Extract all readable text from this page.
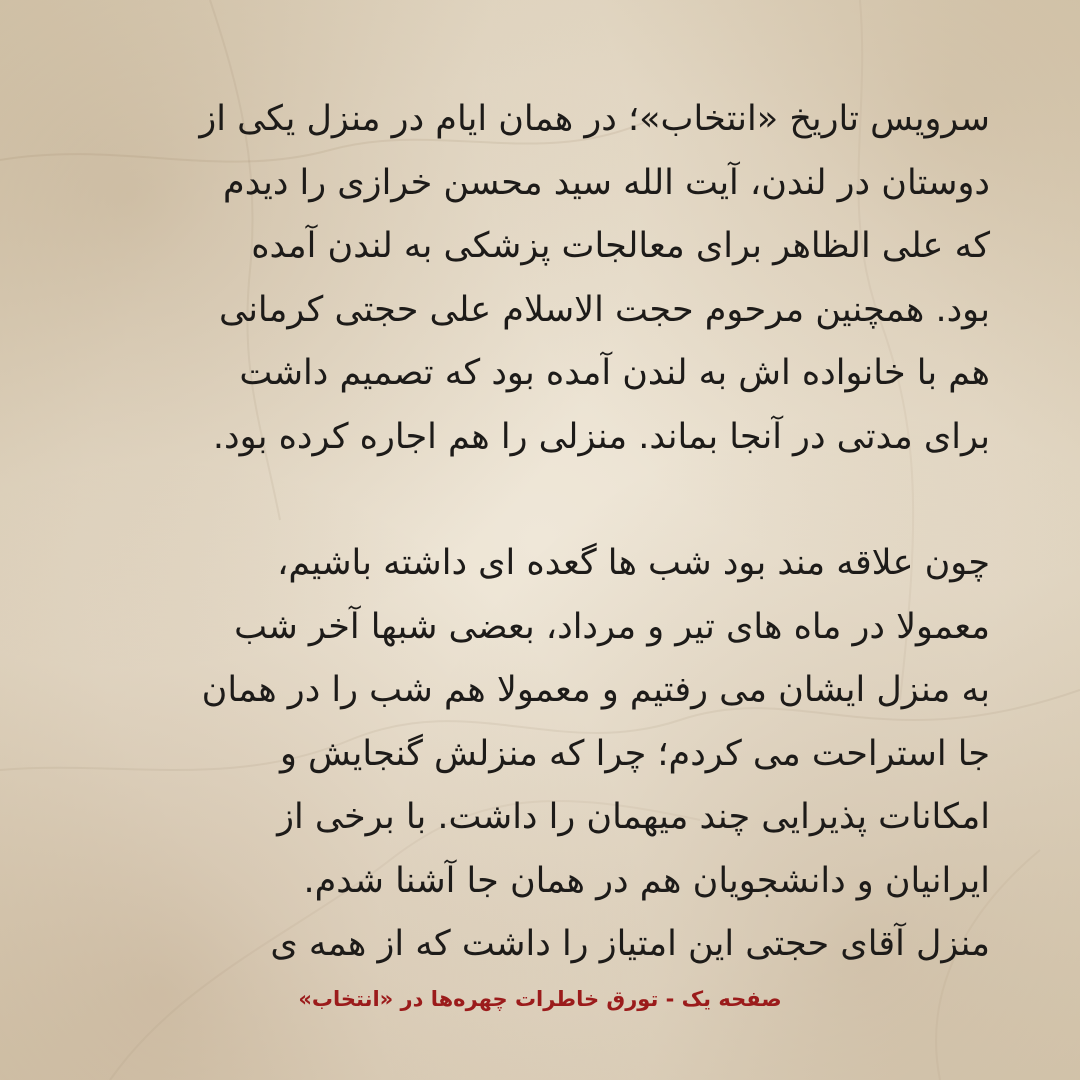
سرویس تاریخ «انتخاب»؛ در همان ایام در منزل یکی از
دوستان در لندن، آیت الله سید محسن خرازی را دیدم
که علی الظاهر برای معالجات پزشکی به لندن آمده
بود. همچنین مرحوم حجت الاسلام علی حجتی کرمانی
هم با خانواده اش به لندن آمده بود که تصمیم داشت
برای مدتی در آنجا بماند. منزلی را هم اجاره کرده بود.

چون علاقه مند بود شب ها گعده ای داشته باشیم،
معمولا در ماه های تیر و مرداد، بعضی شبها آخر شب
به منزل ایشان می رفتیم و معمولا هم شب را در همان
جا استراحت می کردم؛ چرا که منزلش گنجایش و
امکانات پذیرایی چند میهمان را داشت. با برخی از
ایرانیان و دانشجویان هم در همان جا آشنا شدم.
منزل آقای حجتی این امتیاز را داشت که از همه ی

صفحه یک - تورق خاطرات چهره‌ها در «انتخاب»
